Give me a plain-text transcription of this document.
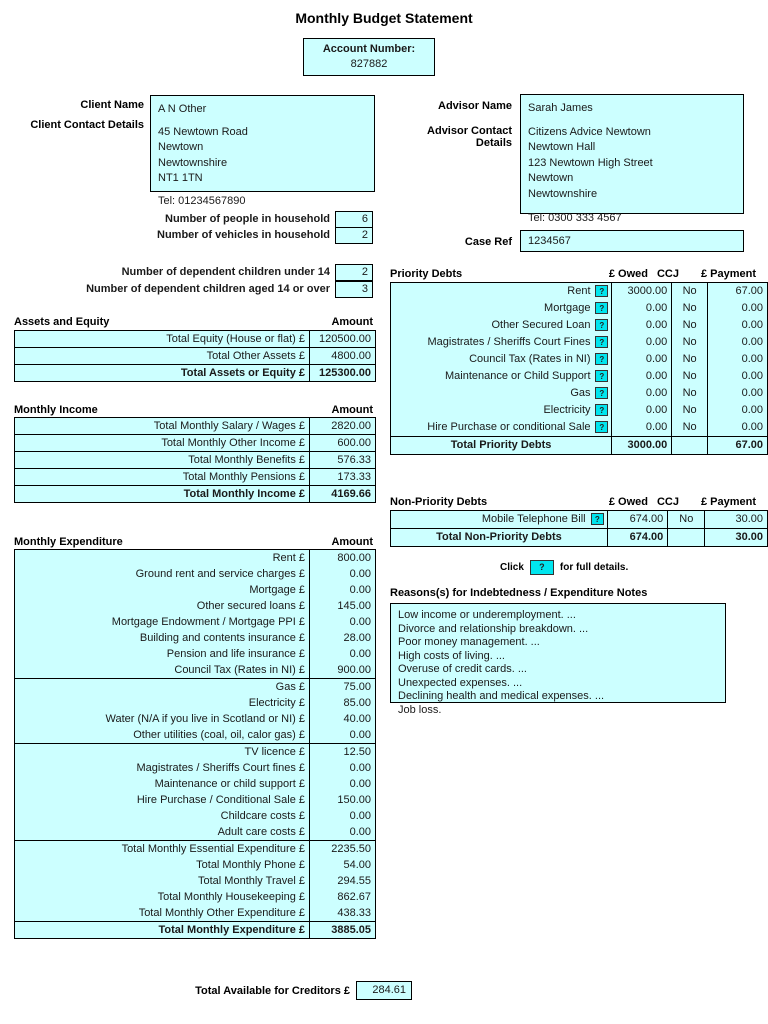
Monthly Budget Statement
Account Number:
827882
Client Name
Client Contact Details
A N Other
45 Newtown Road
Newtown
Newtownshire
NT1 1TN
Tel: 01234567890
Advisor Name
Advisor Contact Details
Sarah James
Citizens Advice Newtown
Newtown Hall
123 Newtown High Street
Newtown
Newtownshire
Tel: 0300 333 4567
Case Ref	1234567
Number of people in household	6
Number of vehicles in household	2
Number of dependent children under 14	2
Number of dependent children aged 14 or over	3
Assets and Equity	Amount
Total Equity (House or flat) £	120500.00
Total Other Assets £	4800.00
Total Assets or Equity £	125300.00
Monthly Income	Amount
Total Monthly Salary / Wages £	2820.00
Total Monthly Other Income £	600.00
Total Monthly Benefits £	576.33
Total Monthly Pensions £	173.33
Total Monthly Income £	4169.66
Monthly Expenditure	Amount
Rent £	800.00
Ground rent and service charges £	0.00
Mortgage £	0.00
Other secured loans £	145.00
Mortgage Endowment / Mortgage PPI £	0.00
Building and contents insurance £	28.00
Pension and life insurance £	0.00
Council Tax (Rates in NI) £	900.00
Gas £	75.00
Electricity £	85.00
Water (N/A if you live in Scotland or NI) £	40.00
Other utilities (coal, oil, calor gas) £	0.00
TV licence £	12.50
Magistrates / Sheriffs Court fines £	0.00
Maintenance or child support £	0.00
Hire Purchase / Conditional Sale £	150.00
Childcare costs £	0.00
Adult care costs £	0.00
Total Monthly Essential Expenditure £	2235.50
Total Monthly Phone £	54.00
Total Monthly Travel £	294.55
Total Monthly Housekeeping £	862.67
Total Monthly Other Expenditure £	438.33
Total Monthly Expenditure £	3885.05
Total Available for Creditors £	284.61
Priority Debts	£ Owed CCJ	£ Payment
Rent	?	3000.00	No	67.00
Mortgage	?	0.00	No	0.00
Other Secured Loan	?	0.00	No	0.00
Magistrates / Sheriffs Court Fines	?	0.00	No	0.00
Council Tax (Rates in NI)	?	0.00	No	0.00
Maintenance or Child Support	?	0.00	No	0.00
Gas	?	0.00	No	0.00
Electricity	?	0.00	No	0.00
Hire Purchase or conditional Sale	?	0.00	No	0.00
Total Priority Debts		3000.00		67.00
Non-Priority Debts	£ Owed CCJ	£ Payment
Mobile Telephone Bill	?	674.00	No	30.00
Total Non-Priority Debts		674.00		30.00
Click	?	for full details.
Reasons(s) for Indebtedness / Expenditure Notes
Low income or underemployment. ...
Divorce and relationship breakdown. ...
Poor money management. ...
High costs of living. ...
Overuse of credit cards. ...
Unexpected expenses. ...
Declining health and medical expenses. ...
Job loss.
